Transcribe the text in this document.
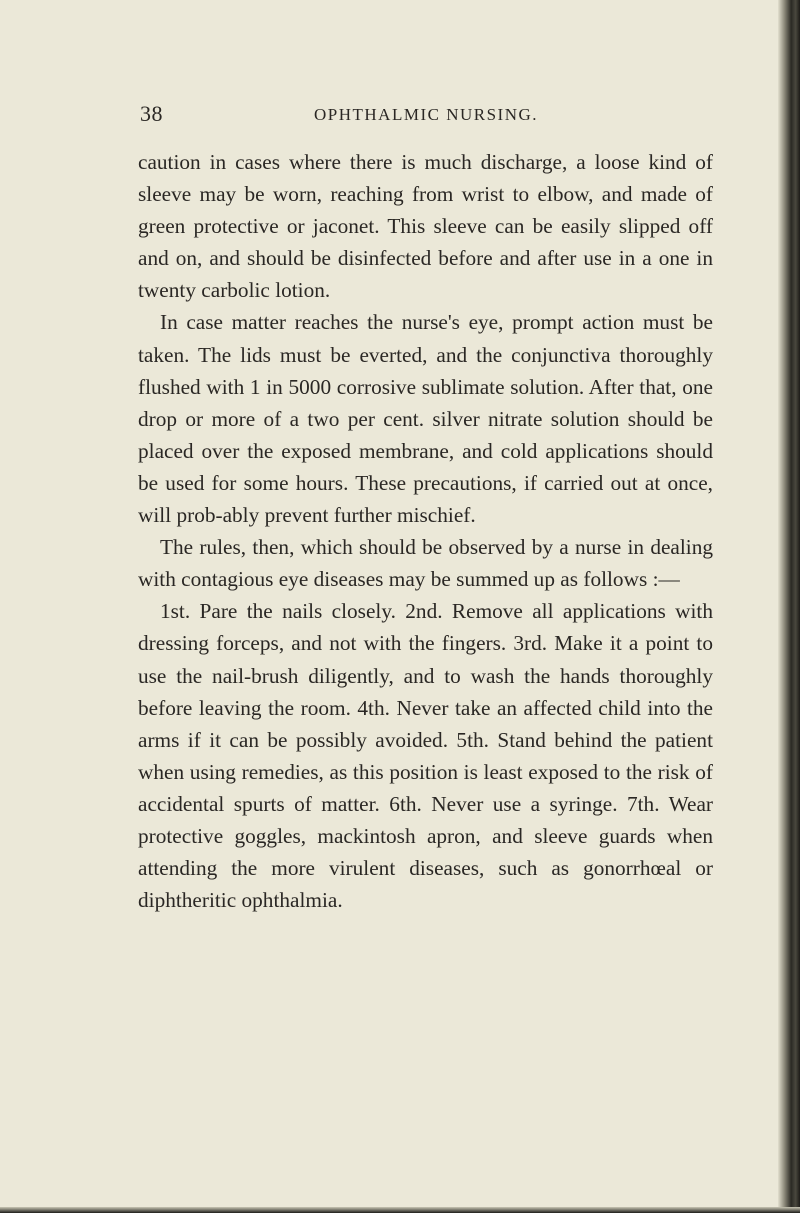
38	OPHTHALMIC NURSING.

caution in cases where there is much discharge, a loose kind of sleeve may be worn, reaching from wrist to elbow, and made of green protective or jaconet. This sleeve can be easily slipped off and on, and should be disinfected before and after use in a one in twenty carbolic lotion.

In case matter reaches the nurse's eye, prompt action must be taken. The lids must be everted, and the conjunctiva thoroughly flushed with 1 in 5000 corrosive sublimate solution. After that, one drop or more of a two per cent. silver nitrate solution should be placed over the exposed membrane, and cold applications should be used for some hours. These precautions, if carried out at once, will prob-ably prevent further mischief.

The rules, then, which should be observed by a nurse in dealing with contagious eye diseases may be summed up as follows :—

1st. Pare the nails closely. 2nd. Remove all applications with dressing forceps, and not with the fingers. 3rd. Make it a point to use the nail-brush diligently, and to wash the hands thoroughly before leaving the room. 4th. Never take an affected child into the arms if it can be possibly avoided. 5th. Stand behind the patient when using remedies, as this position is least exposed to the risk of accidental spurts of matter. 6th. Never use a syringe. 7th. Wear protective goggles, mackintosh apron, and sleeve guards when attending the more virulent diseases, such as gonorrhœal or diphtheritic ophthalmia.
